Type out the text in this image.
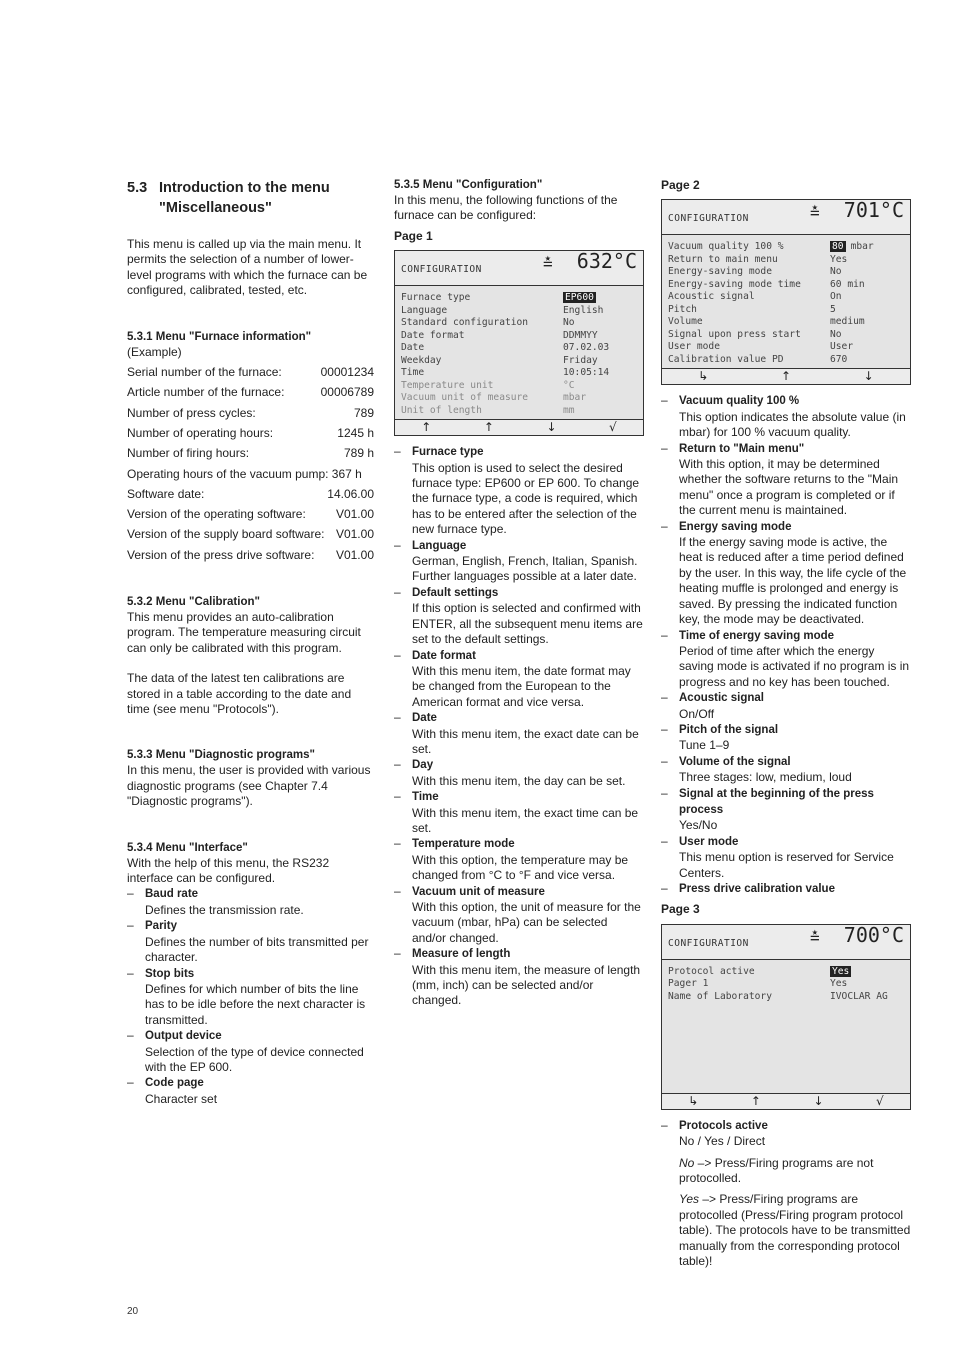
5.3 Introduction to the menu
"Miscellaneous"

This menu is called up via the main menu. It permits the selection of a number of lower-level programs with which the furnace can be configured, calibrated, tested, etc.

5.3.1 Menu "Furnace information"

(Example)

Serial number of the furnace:	00001234
Article number of the furnace:	00006789
Number of press cycles:	789
Number of operating hours:	1245 h
Number of firing hours:	789 h
Operating hours of the vacuum pump: 367 h
Software date:	14.06.00
Version of the operating software:	V01.00
Version of the supply board software: V01.00
Version of the press drive software: V01.00
5.3.2 Menu "Calibration"

This menu provides an auto-calibration program. The temperature measuring circuit can only be calibrated with this program.

The data of the latest ten calibrations are stored in a table according to the date and time (see menu "Protocols").

5.3.3 Menu "Diagnostic programs"

In this menu, the user is provided with various diagnostic programs (see Chapter 7.4 "Diagnostic programs").

5.3.4 Menu "Interface"

With the help of this menu, the RS232 interface can be configured.

– Baud rate
Defines the transmission rate.
– Parity
Defines the number of bits transmitted per character.
– Stop bits
Defines for which number of bits the line has to be idle before the next character is transmitted.
– Output device
Selection of the type of device connected with the EP 600.
– Code page
Character set
5.3.5 Menu "Configuration"

In this menu, the following functions of the furnace can be configured:

Page 1
CONFIGURATION	≛ 632°C
Furnace type	EP600
Language	English
Standard configuration	No
Date format	DDMMYY
Date	07.02.03
Weekday	Friday
Time	10:05:14
Temperature unit	°C
Vacuum unit of measure	mbar
Unit of length	mm
↑	↑	↓	√
– Furnace type
This option is used to select the desired furnace type: EP600 or EP 600. To change the furnace type, a code is required, which has to be entered after the selection of the new furnace type.
– Language
German, English, French, Italian, Spanish. Further languages possible at a later date.
– Default settings
If this option is selected and confirmed with ENTER, all the subsequent menu items are set to the default settings.
– Date format
With this menu item, the date format may be changed from the European to the American format and vice versa.
– Date
With this menu item, the exact date can be set.
– Day
With this menu item, the day can be set.
– Time
With this menu item, the exact time can be set.
– Temperature mode
With this option, the temperature may be changed from °C to °F and vice versa.
– Vacuum unit of measure
With this option, the unit of measure for the vacuum (mbar, hPa) can be selected and/or changed.
– Measure of length
With this menu item, the measure of length (mm, inch) can be selected and/or changed.
Page 2
CONFIGURATION	≛ 701°C
Vacuum quality 100 %	80 mbar
Return to main menu	Yes
Energy-saving mode	No
Energy-saving mode time	60 min
Acoustic signal	On
Pitch	5
Volume	medium
Signal upon press start	No
User mode	User
Calibration value PD	670
↳	↑	↓
– Vacuum quality 100 %
This option indicates the absolute value (in mbar) for 100 % vacuum quality.
– Return to "Main menu"
With this option, it may be determined whether the software returns to the "Main menu" once a program is completed or if the current menu is maintained.
– Energy saving mode
If the energy saving mode is active, the heat is reduced after a time period defined by the user. In this way, the life cycle of the heating muffle is prolonged and energy is saved. By pressing the indicated function key, the mode may be deactivated.
– Time of energy saving mode
Period of time after which the energy saving mode is activated if no program is in progress and no key has been touched.
– Acoustic signal
On/Off
– Pitch of the signal
Tune 1–9
– Volume of the signal
Three stages: low, medium, loud
– Signal at the beginning of the press process
Yes/No
– User mode
This menu option is reserved for Service Centers.
– Press drive calibration value
Page 3
CONFIGURATION	≛ 700°C
Protocol active	Yes
Pager 1	Yes
Name of Laboratory	IVOCLAR AG
↳	↑	↓	√
– Protocols active
No / Yes / Direct

No –> Press/Firing programs are not protocolled.

Yes –> Press/Firing programs are protocolled (Press/Firing program protocol table). The protocols have to be transmitted manually from the corresponding protocol table)!

20
